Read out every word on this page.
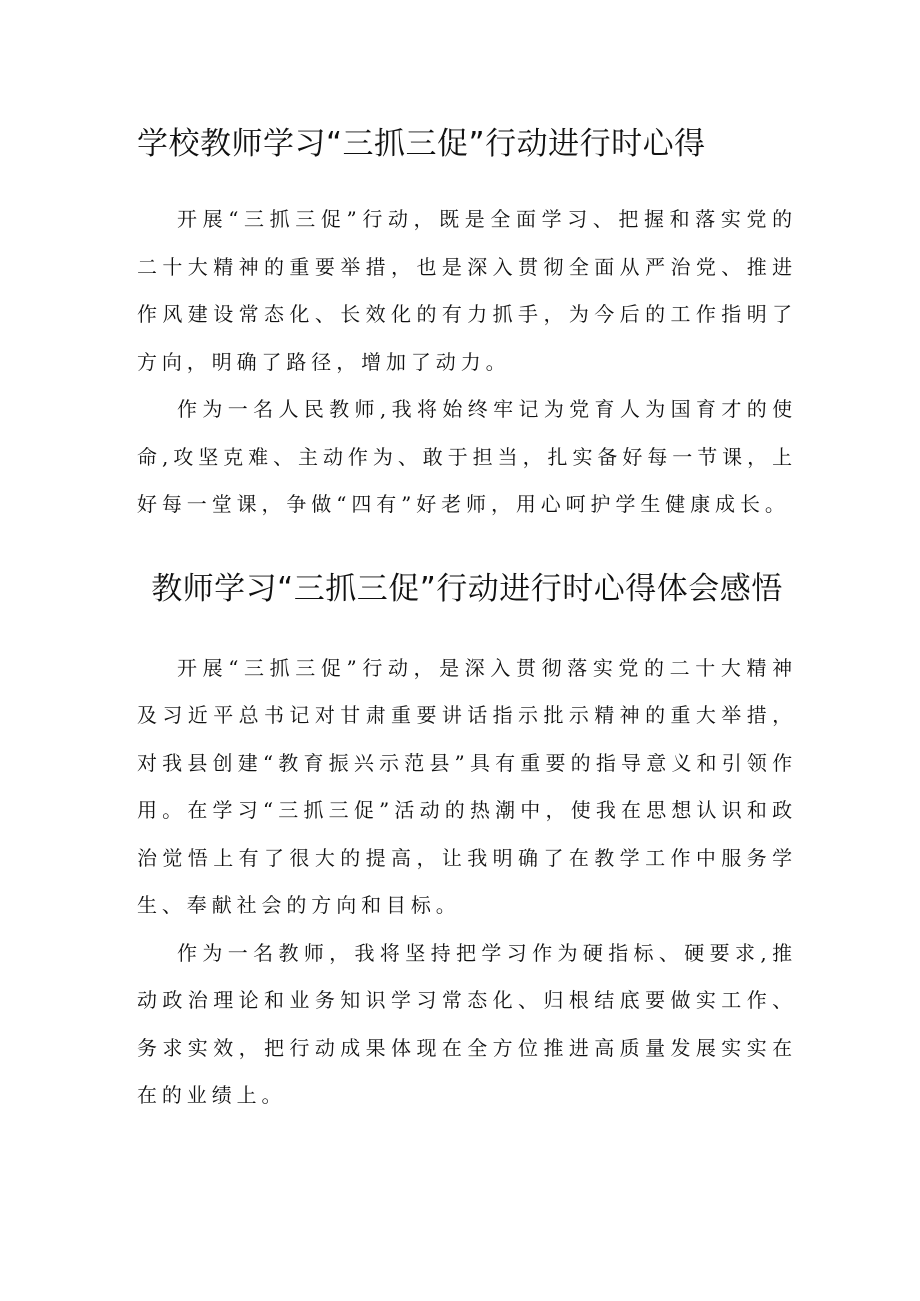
学校教师学习“三抓三促”行动进行时心得

开展“三抓三促”行动，既是全面学习、把握和落实党的二十大精神的重要举措，也是深入贯彻全面从严治党、推进作风建设常态化、长效化的有力抓手，为今后的工作指明了方向，明确了路径，增加了动力。

作为一名人民教师,我将始终牢记为党育人为国育才的使命,攻坚克难、主动作为、敢于担当，扎实备好每一节课，上好每一堂课，争做“四有”好老师，用心呵护学生健康成长。

教师学习“三抓三促”行动进行时心得体会感悟

开展“三抓三促”行动，是深入贯彻落实党的二十大精神及习近平总书记对甘肃重要讲话指示批示精神的重大举措，对我县创建“教育振兴示范县”具有重要的指导意义和引领作用。在学习“三抓三促”活动的热潮中，使我在思想认识和政治觉悟上有了很大的提高，让我明确了在教学工作中服务学生、奉献社会的方向和目标。

作为一名教师，我将坚持把学习作为硬指标、硬要求,推动政治理论和业务知识学习常态化、归根结底要做实工作、务求实效，把行动成果体现在全方位推进高质量发展实实在在的业绩上。
